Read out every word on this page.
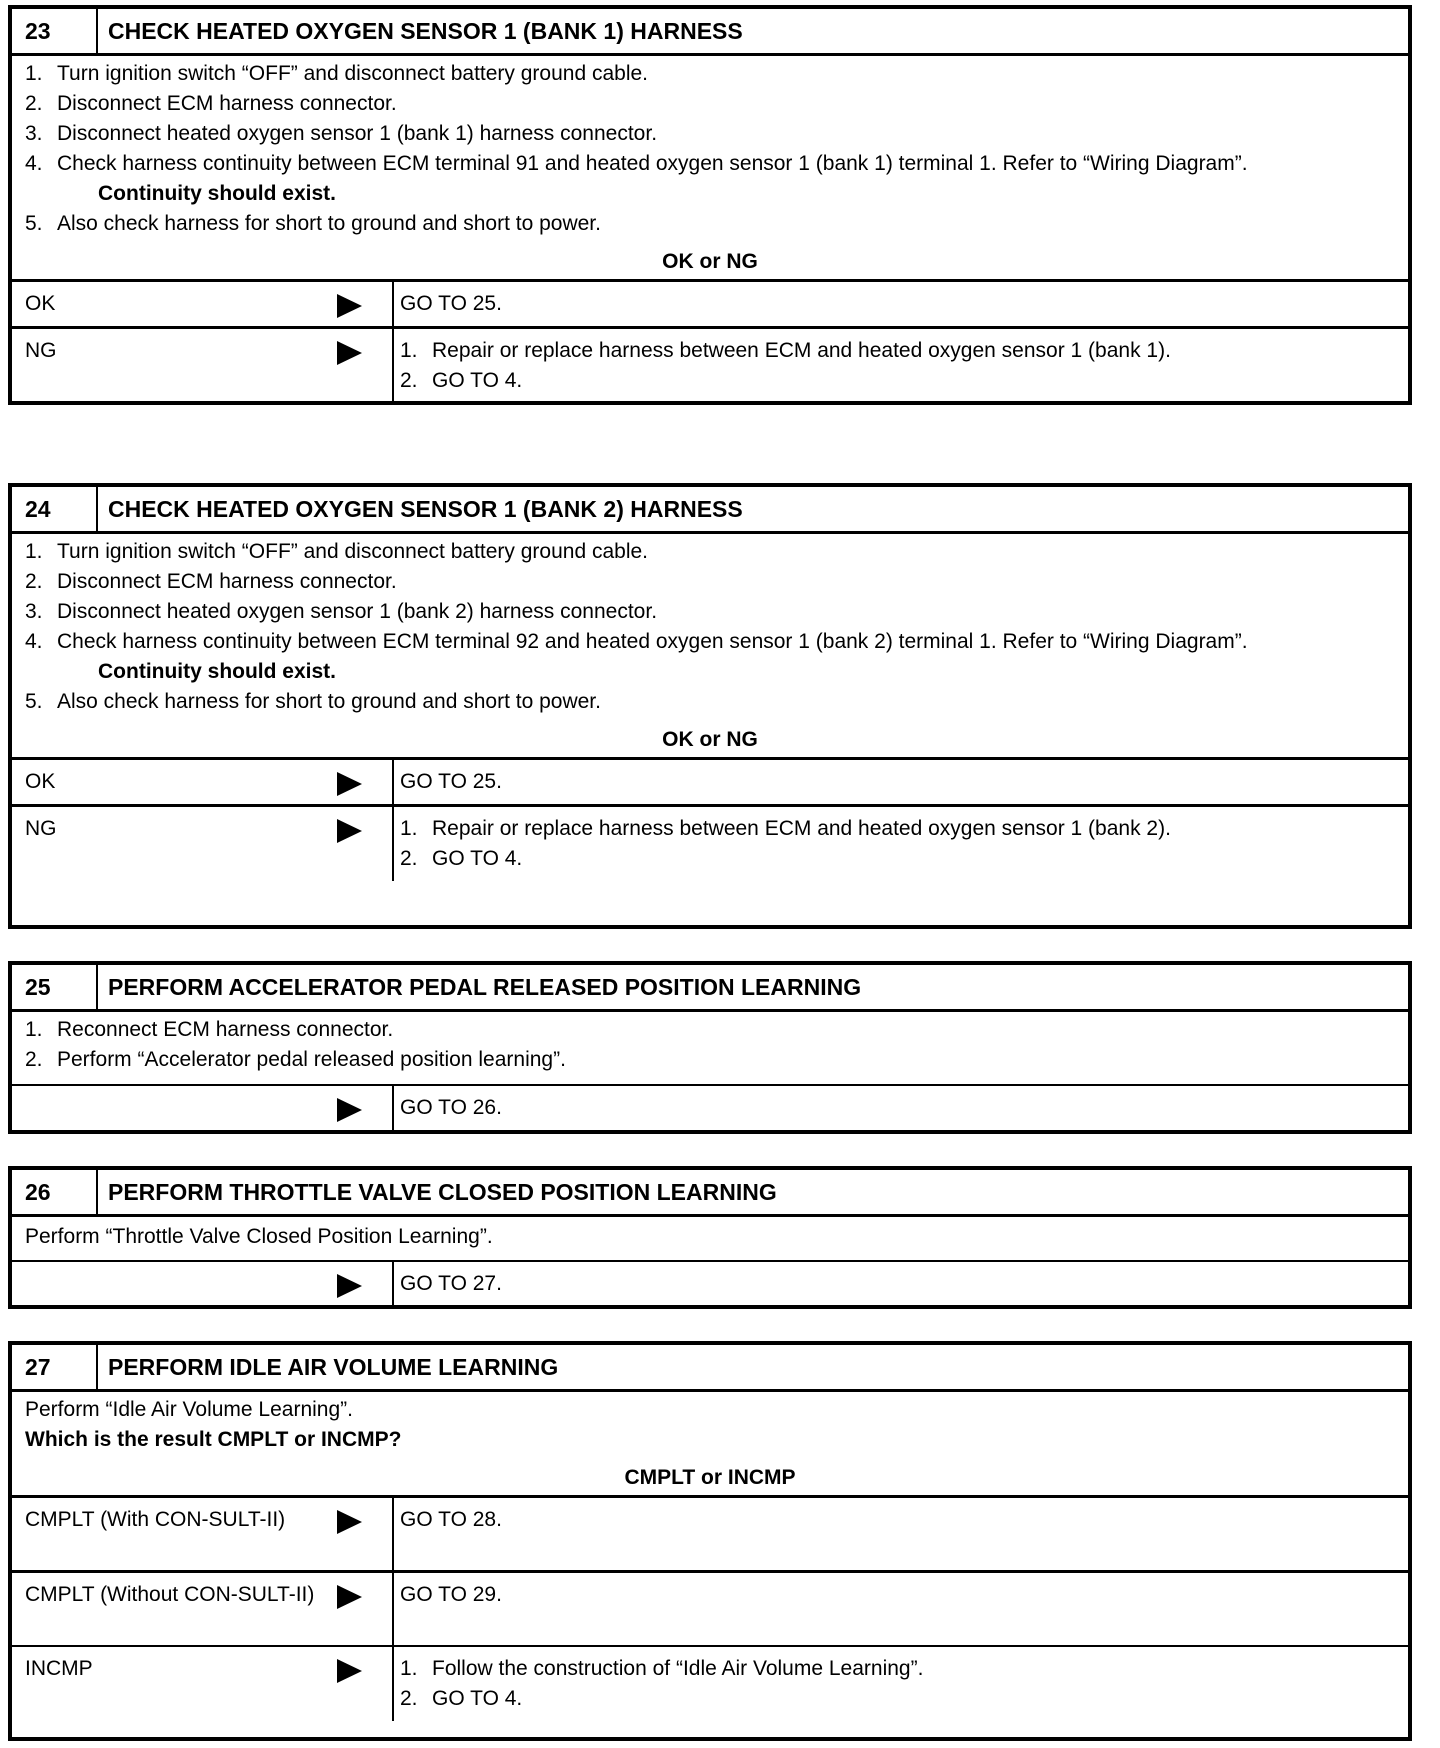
23	CHECK HEATED OXYGEN SENSOR 1 (BANK 1) HARNESS
1. Turn ignition switch “OFF” and disconnect battery ground cable.
2. Disconnect ECM harness connector.
3. Disconnect heated oxygen sensor 1 (bank 1) harness connector.
4. Check harness continuity between ECM terminal 91 and heated oxygen sensor 1 (bank 1) terminal 1. Refer to “Wiring Diagram”.
Continuity should exist.
5. Also check harness for short to ground and short to power.
OK or NG
OK	GO TO 25.
NG	1. Repair or replace harness between ECM and heated oxygen sensor 1 (bank 1).
2. GO TO 4.
24	CHECK HEATED OXYGEN SENSOR 1 (BANK 2) HARNESS
1. Turn ignition switch “OFF” and disconnect battery ground cable.
2. Disconnect ECM harness connector.
3. Disconnect heated oxygen sensor 1 (bank 2) harness connector.
4. Check harness continuity between ECM terminal 92 and heated oxygen sensor 1 (bank 2) terminal 1. Refer to “Wiring Diagram”.
Continuity should exist.
5. Also check harness for short to ground and short to power.
OK or NG
OK	GO TO 25.
NG	1. Repair or replace harness between ECM and heated oxygen sensor 1 (bank 2).
2. GO TO 4.
25	PERFORM ACCELERATOR PEDAL RELEASED POSITION LEARNING
1. Reconnect ECM harness connector.
2. Perform “Accelerator pedal released position learning”.
GO TO 26.
26	PERFORM THROTTLE VALVE CLOSED POSITION LEARNING
Perform “Throttle Valve Closed Position Learning”.
GO TO 27.
27	PERFORM IDLE AIR VOLUME LEARNING
Perform “Idle Air Volume Learning”.
Which is the result CMPLT or INCMP?
CMPLT or INCMP
CMPLT (With CON-SULT-II)	GO TO 28.
CMPLT (Without CON-SULT-II)	GO TO 29.
INCMP	1. Follow the construction of “Idle Air Volume Learning”.
2. GO TO 4.
